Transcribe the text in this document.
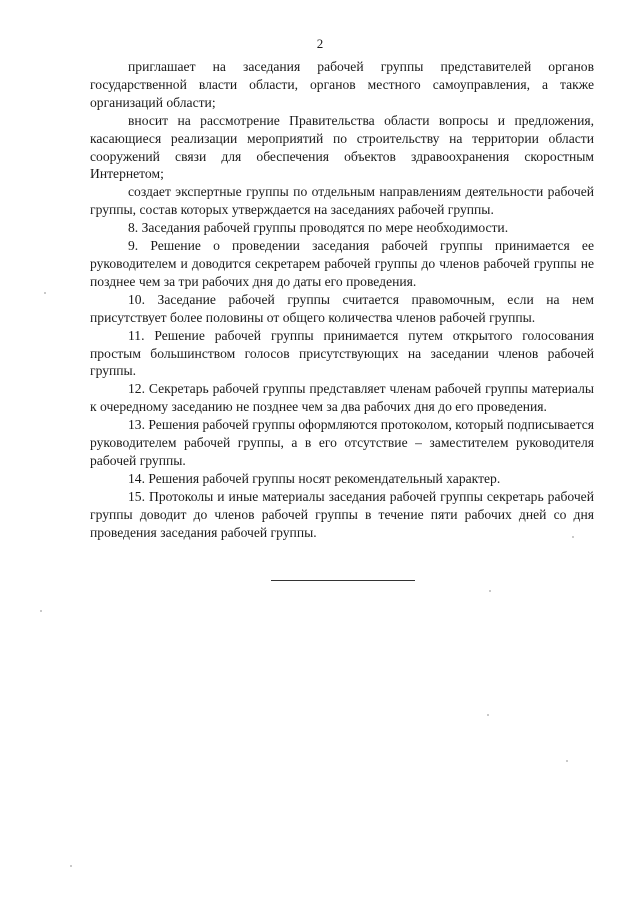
2

приглашает на заседания рабочей группы представителей органов государственной власти области, органов местного самоуправления, а также организаций области;

вносит на рассмотрение Правительства области вопросы и предложения, касающиеся реализации мероприятий по строительству на территории области сооружений связи для обеспечения объектов здравоохранения скоростным Интернетом;

создает экспертные группы по отдельным направлениям деятельности рабочей группы, состав которых утверждается на заседаниях рабочей группы.

8. Заседания рабочей группы проводятся по мере необходимости.

9. Решение о проведении заседания рабочей группы принимается ее руководителем и доводится секретарем рабочей группы до членов рабочей группы не позднее чем за три рабочих дня до даты его проведения.

10. Заседание рабочей группы считается правомочным, если на нем присутствует более половины от общего количества членов рабочей группы.

11. Решение рабочей группы принимается путем открытого голосования простым большинством голосов присутствующих на заседании членов рабочей группы.

12. Секретарь рабочей группы представляет членам рабочей группы материалы к очередному заседанию не позднее чем за два рабочих дня до его проведения.

13. Решения рабочей группы оформляются протоколом, который подписывается руководителем рабочей группы, а в его отсутствие – заместителем руководителя рабочей группы.

14. Решения рабочей группы носят рекомендательный характер.

15. Протоколы и иные материалы заседания рабочей группы секретарь рабочей группы доводит до членов рабочей группы в течение пяти рабочих дней со дня проведения заседания рабочей группы.
